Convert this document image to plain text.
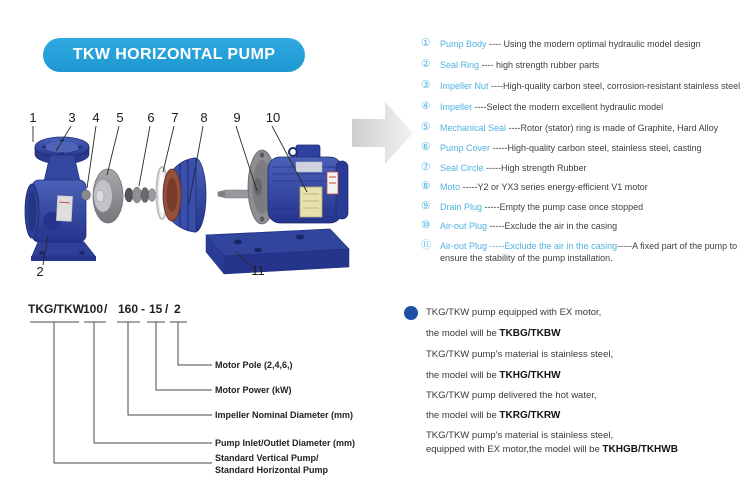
TKW HORIZONTAL PUMP
1
2
3 4 5 6 7 8 9 10
11
① Pump Body ---- Using the modern optimal hydraulic model design
② Seal Ring ---- high strength rubber parts
③ Impeller Nut ----High-quality carbon steel, corrosion-resistant stainless steel
④ Impeller ----Select the modern excellent hydraulic model
⑤ Mechanical Seal ----Rotor (stator) ring is made of Graphite, Hard Alloy
⑥ Pump Cover -----High-quality carbon steel, stainless steel, casting
⑦ Seal Circle -----High strength Rubber
⑧ Moto -----Y2 or YX3 series energy-efficient V1 motor
⑨ Drain Plug -----Empty the pump case once stopped
⑩ Air-out Plug -----Exclude the air in the casing
⑪ Air-out Plug -----Exclude the air in the casing-----A fixed part of the pump to ensure the stability of the pump installation.
TKG/TKW 100 / 160 - 15 / 2
Motor Pole (2,4,6,)
Motor Power (kW)
Impeller Nominal Diameter (mm)
Pump Inlet/Outlet Diameter (mm)
Standard Vertical Pump/
Standard Horizontal Pump
TKG/TKW pump equipped with EX motor,
the model will be TKBG/TKBW
TKG/TKW pump's material is stainless steel,
the model will be TKHG/TKHW
TKG/TKW pump delivered the hot water,
the model will be TKRG/TKRW
TKG/TKW pump's material is stainless steel,
equipped with EX motor,the model will be TKHGB/TKHWB
